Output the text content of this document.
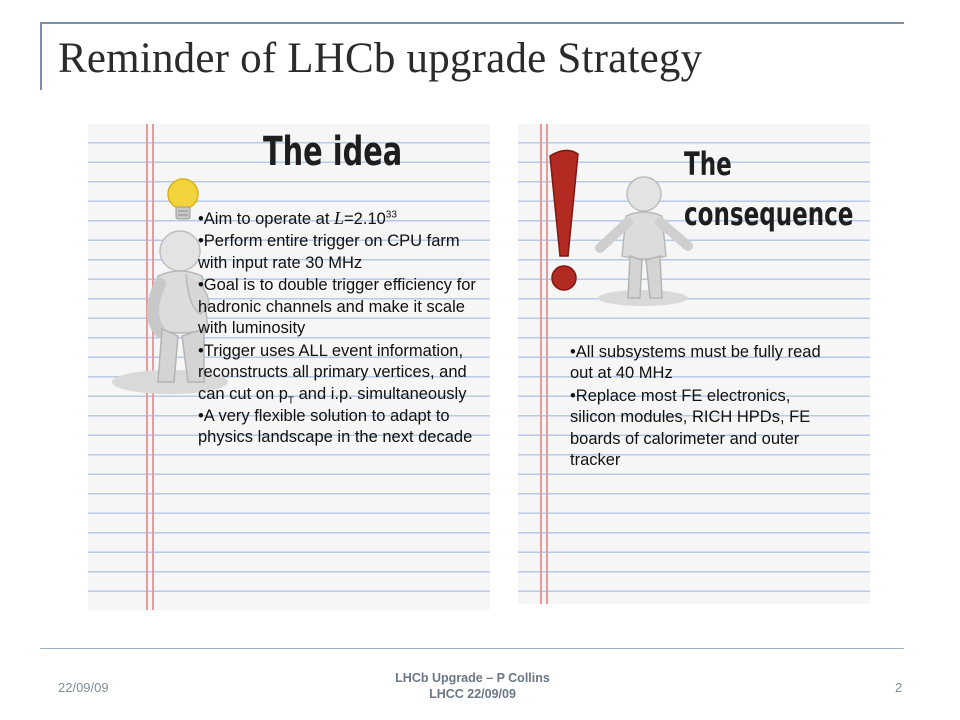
Reminder of LHCb upgrade Strategy
The idea
• Aim to operate at $L=2.10^{33}$
• Perform entire trigger on CPU farm with input rate 30 MHz
• Goal is to double trigger efficiency for hadronic channels and make it scale with luminosity
• Trigger uses ALL event information, reconstructs all primary vertices, and can cut on $p_T$ and i.p. simultaneously
• A very flexible solution to adapt to physics landscape in the next decade
The consequence
• All subsystems must be fully read out at 40 MHz
• Replace most FE electronics, silicon modules, RICH HPDs, FE boards of calorimeter and outer tracker
22/09/09
LHCb Upgrade – P Collins
LHCC 22/09/09	2
